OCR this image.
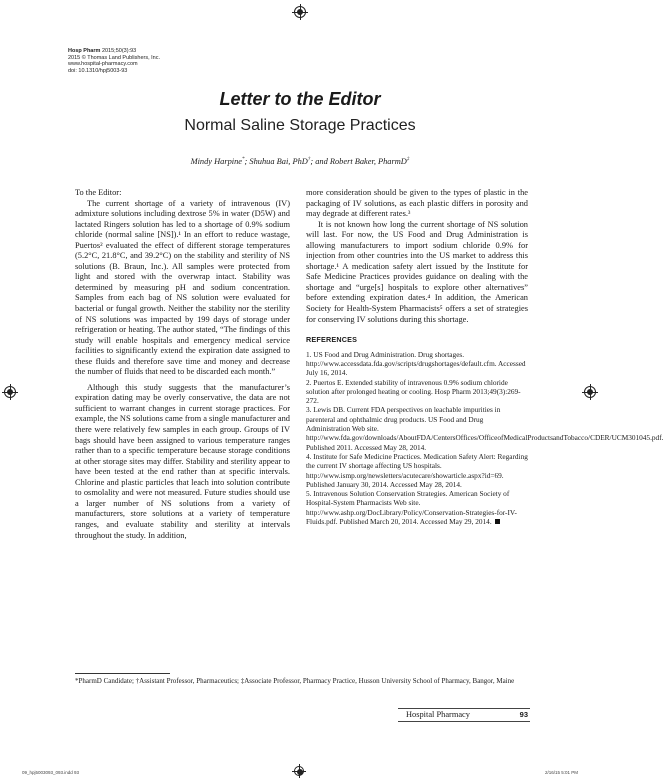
Hosp Pharm 2015;50(3):93
2015 © Thomas Land Publishers, Inc.
www.hospital-pharmacy.com
doi: 10.1310/hpj5003-93
Letter to the Editor
Normal Saline Storage Practices
Mindy Harpine*; Shuhua Bai, PhD†; and Robert Baker, PharmD‡

To the Editor:

The current shortage of a variety of intravenous (IV) admixture solutions including dextrose 5% in water (D5W) and lactated Ringers solution has led to a shortage of 0.9% sodium chloride (normal saline [NS]).¹ In an effort to reduce wastage, Puertos² evaluated the effect of different storage temperatures (5.2°C, 21.8°C, and 39.2°C) on the stability and sterility of NS solutions (B. Braun, Inc.). All samples were protected from light and stored with the overwrap intact. Stability was determined by measuring pH and sodium concentration. Samples from each bag of NS solution were evaluated for bacterial or fungal growth. Neither the stability nor the sterility of NS solutions was impacted by 199 days of storage under refrigeration or heating. The author stated, “The findings of this study will enable hospitals and emergency medical service facilities to significantly extend the expiration date assigned to these fluids and therefore save time and money and decrease the number of fluids that need to be discarded each month.”

Although this study suggests that the manufacturer’s expiration dating may be overly conservative, the data are not sufficient to warrant changes in current storage practices. For example, the NS solutions came from a single manufacturer and there were relatively few samples in each group. Groups of IV bags should have been assigned to various temperature ranges rather than to a specific temperature because storage conditions at other storage sites may differ. Stability and sterility appear to have been tested at the end rather than at specific intervals. Chlorine and plastic particles that leach into solution contribute to osmolality and were not measured. Future studies should use a larger number of NS solutions from a variety of manufacturers, store solutions at a variety of temperature ranges, and evaluate stability and sterility at intervals throughout the study. In addition,

more consideration should be given to the types of plastic in the packaging of IV solutions, as each plastic differs in porosity and may degrade at different rates.³

It is not known how long the current shortage of NS solution will last. For now, the US Food and Drug Administration is allowing manufacturers to import sodium chloride 0.9% for injection from other countries into the US market to address this shortage.¹ A medication safety alert issued by the Institute for Safe Medicine Practices provides guidance on dealing with the shortage and “urge[s] hospitals to explore other alternatives” before extending expiration dates.⁴ In addition, the American Society for Health-System Pharmacists⁵ offers a set of strategies for conserving IV solutions during this shortage.

REFERENCES

1. US Food and Drug Administration. Drug shortages. http://www.accessdata.fda.gov/scripts/drugshortages/default.cfm. Accessed July 16, 2014.

2. Puertos E. Extended stability of intravenous 0.9% sodium chloride solution after prolonged heating or cooling. Hosp Pharm 2013;49(3):269-272.

3. Lewis DB. Current FDA perspectives on leachable impurities in parenteral and ophthalmic drug products. US Food and Drug Administration Web site. http://www.fda.gov/downloads/AboutFDA/CentersOffices/OfficeofMedicalProductsandTobacco/CDER/UCM301045.pdf. Published 2011. Accessed May 28, 2014.

4. Institute for Safe Medicine Practices. Medication Safety Alert: Regarding the current IV shortage affecting US hospitals. http://www.ismp.org/newsletters/acutecare/showarticle.aspx?id=69. Published January 30, 2014. Accessed May 28, 2014.

5. Intravenous Solution Conservation Strategies. American Society of Hospital-System Pharmacists Web site. http://www.ashp.org/DocLibrary/Policy/Conservation-Strategies-for-IV-Fluids.pdf. Published March 20, 2014. Accessed May 29, 2014.

*PharmD Candidate; †Assistant Professor, Pharmaceutics; ‡Associate Professor, Pharmacy Practice, Husson University School of Pharmacy, Bangor, Maine
Hospital Pharmacy	93
09_hpj5003093_093.indd 93	2/16/15 5:01 PM
